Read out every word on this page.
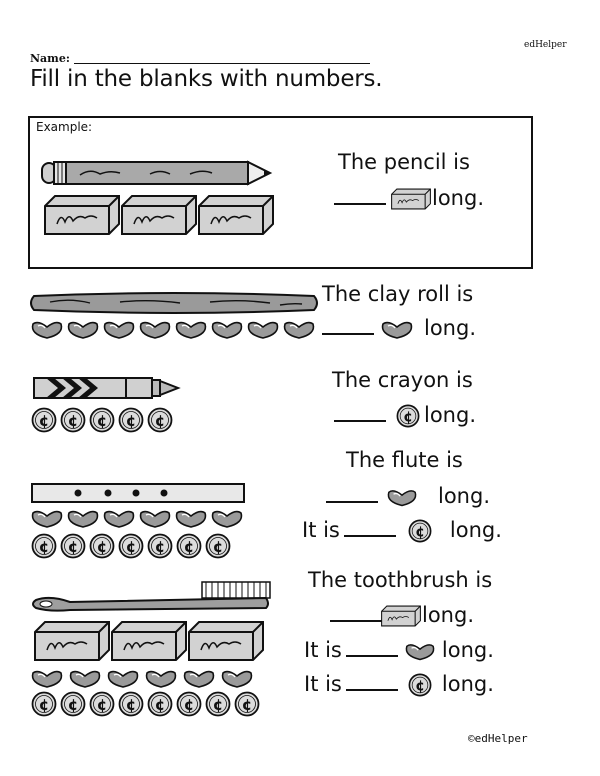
edHelper
Name:
Fill in the blanks with numbers.
Example:
The pencil is
long.
The clay roll is
long.
The crayon is
long.
The flute is
long.
It is	long.
The toothbrush is
long.
It is	long.
It is	long.
©edHelper
